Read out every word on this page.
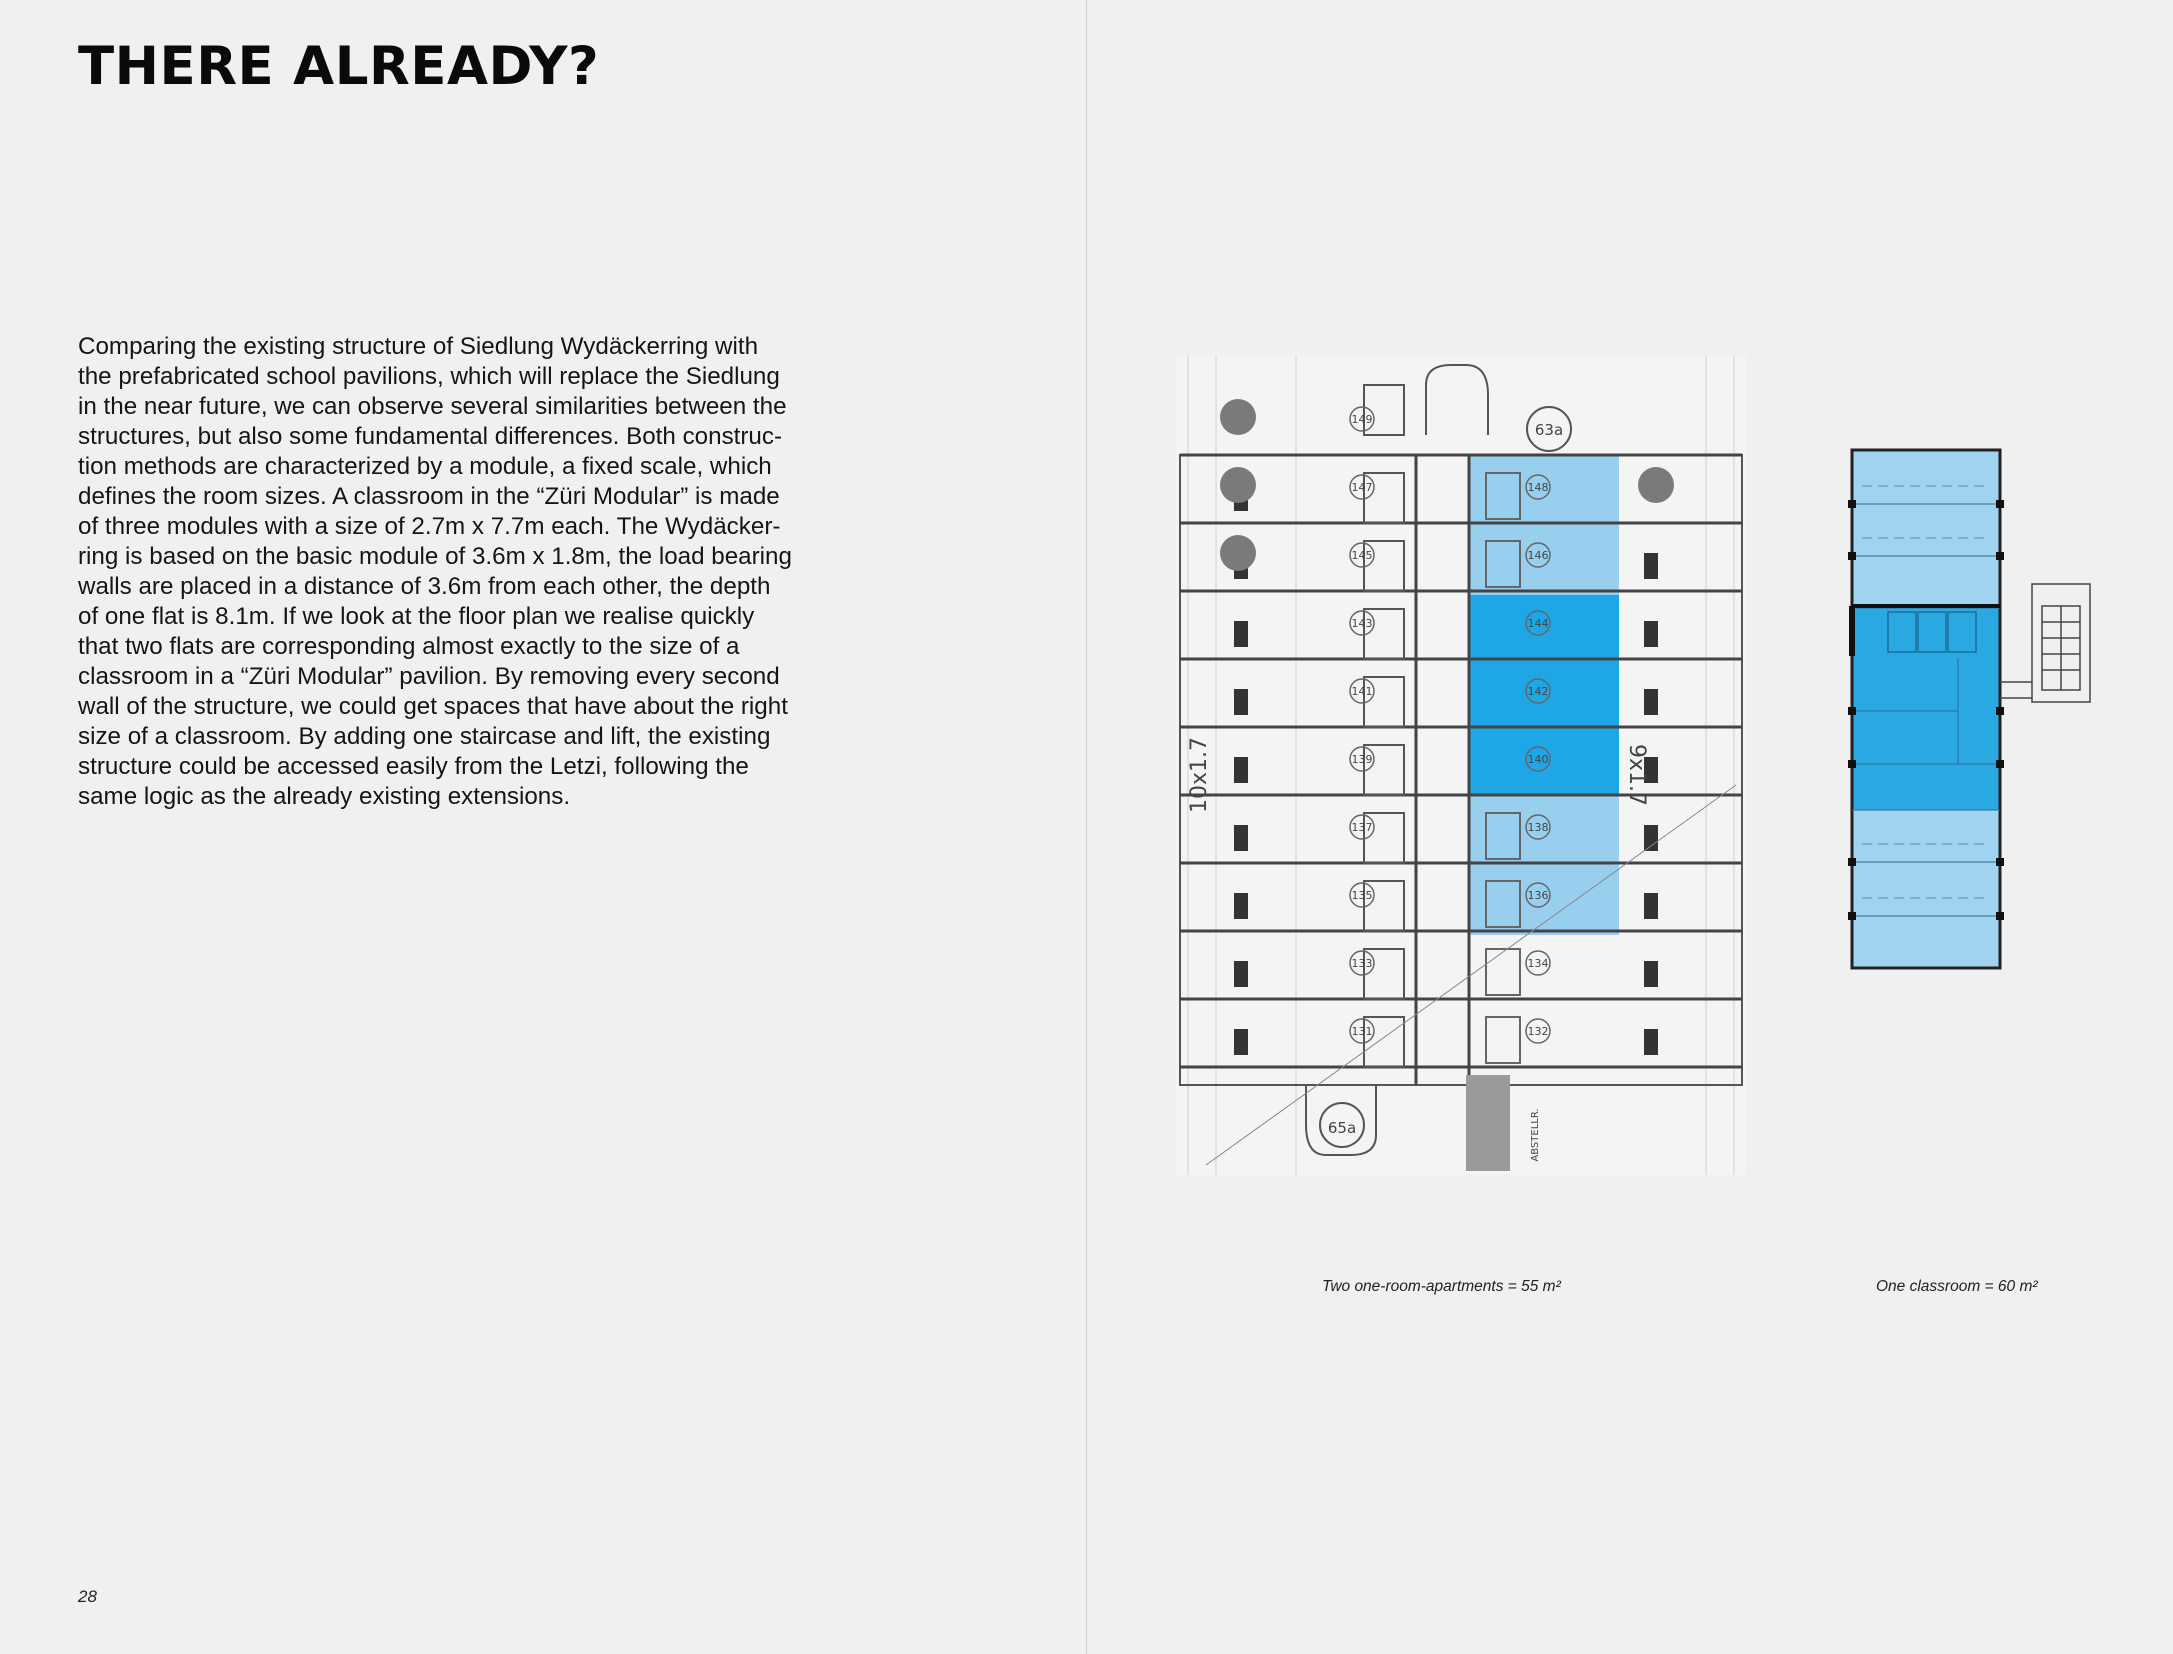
THERE ALREADY?

Comparing the existing structure of Siedlung Wydäckerring with
the prefabricated school pavilions, which will replace the Siedlung
in the near future, we can observe several similarities between the
structures, but also some fundamental differences. Both construc-
tion methods are characterized by a module, a fixed scale, which
defines the room sizes. A classroom in the “Züri Modular” is made
of three modules with a size of 2.7m x 7.7m each. The Wydäcker-
ring is based on the basic module of 3.6m x 1.8m, the load bearing
walls are placed in a distance of 3.6m from each other, the depth
of one flat is 8.1m. If we look at the floor plan we realise quickly
that two flats are corresponding almost exactly to the size of a
classroom in a “Züri Modular” pavilion. By removing every second
wall of the structure, we could get spaces that have about the right
size of a classroom. By adding one staircase and lift, the existing
structure could be accessed easily from the Letzi, following the
same logic as the already existing extensions.

149
147
145
143
141
139
137
135
133
131
148
146
144
142
140
138
136
134
132
63a
65a	ABSTELLR.
10x1.7	9x1.7
Two one-room-apartments = 55 m²	One classroom = 60 m²
28
